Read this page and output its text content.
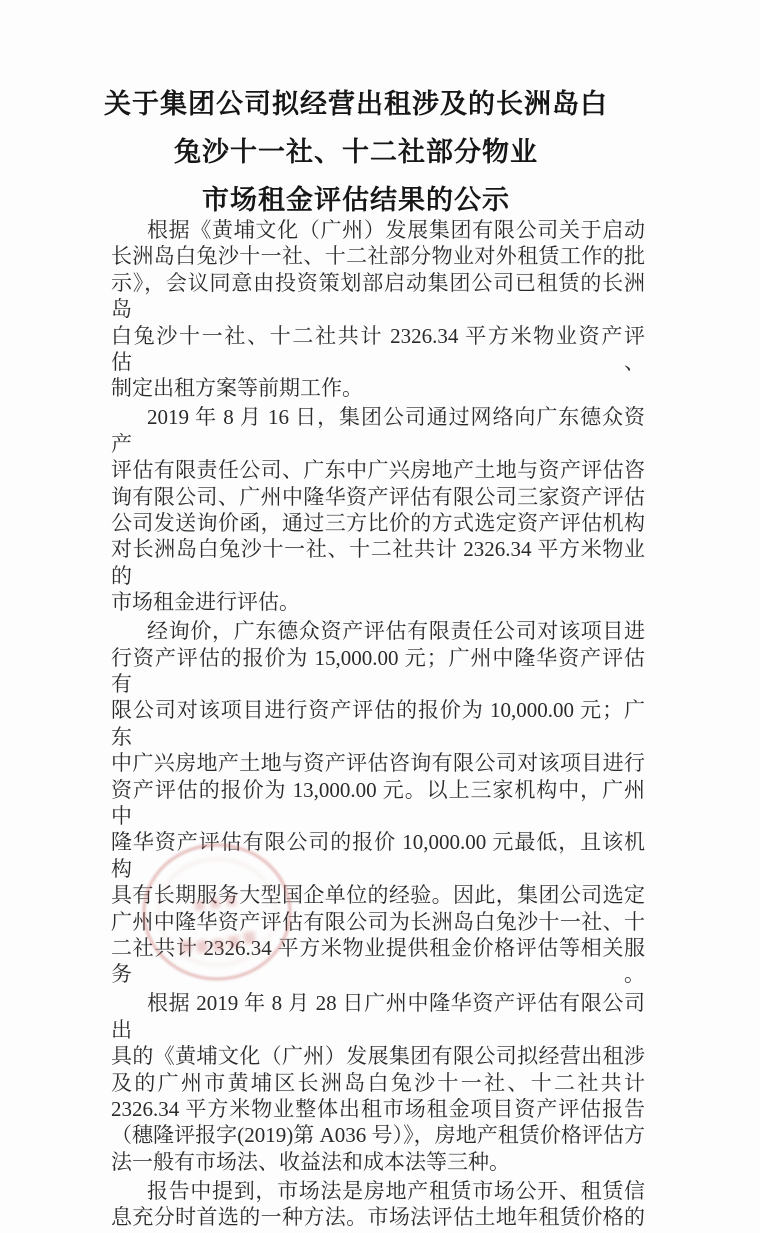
关于集团公司拟经营出租涉及的长洲岛白
兔沙十一社、十二社部分物业
市场租金评估结果的公示
根据《黄埔文化（广州）发展集团有限公司关于启动
长洲岛白兔沙十一社、十二社部分物业对外租赁工作的批
示》，会议同意由投资策划部启动集团公司已租赁的长洲岛
白兔沙十一社、十二社共计 2326.34 平方米物业资产评估、
制定出租方案等前期工作。
2019 年 8 月 16 日，集团公司通过网络向广东德众资产
评估有限责任公司、广东中广兴房地产土地与资产评估咨
询有限公司、广州中隆华资产评估有限公司三家资产评估
公司发送询价函，通过三方比价的方式选定资产评估机构
对长洲岛白兔沙十一社、十二社共计 2326.34 平方米物业的
市场租金进行评估。
经询价，广东德众资产评估有限责任公司对该项目进
行资产评估的报价为 15,000.00 元；广州中隆华资产评估有
限公司对该项目进行资产评估的报价为 10,000.00 元；广东
中广兴房地产土地与资产评估咨询有限公司对该项目进行
资产评估的报价为 13,000.00 元。以上三家机构中，广州中
隆华资产评估有限公司的报价 10,000.00 元最低，且该机构
具有长期服务大型国企单位的经验。因此，集团公司选定
广州中隆华资产评估有限公司为长洲岛白兔沙十一社、十
二社共计 2326.34 平方米物业提供租金价格评估等相关服务。
根据 2019 年 8 月 28 日广州中隆华资产评估有限公司出
具的《黄埔文化（广州）发展集团有限公司拟经营出租涉
及的广州市黄埔区长洲岛白兔沙十一社、十二社共计
2326.34 平方米物业整体出租市场租金项目资产评估报告
（穗隆评报字(2019)第 A036 号）》，房地产租赁价格评估方
法一般有市场法、收益法和成本法等三种。
报告中提到，市场法是房地产租赁市场公开、租赁信
息充分时首选的一种方法。市场法评估土地年租赁价格的
